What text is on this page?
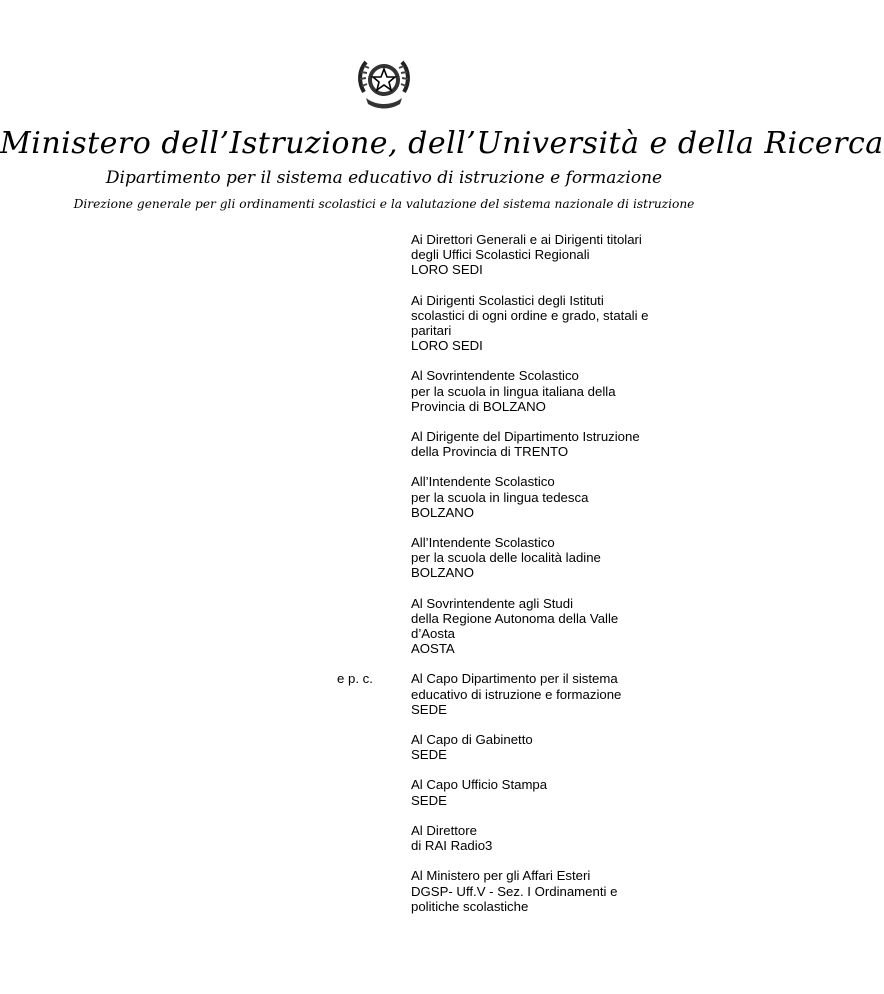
Ministero dell’Istruzione, dell’Università e della Ricerca
Dipartimento per il sistema educativo di istruzione e formazione
Direzione generale per gli ordinamenti scolastici e la valutazione del sistema nazionale di istruzione
Ai Direttori Generali e ai Dirigenti titolari
degli Uffici Scolastici Regionali
LORO SEDI
Ai Dirigenti Scolastici degli Istituti
scolastici di ogni ordine e grado, statali e
paritari
LORO SEDI
Al Sovrintendente Scolastico
per la scuola in lingua italiana della
Provincia di BOLZANO
Al Dirigente del Dipartimento Istruzione
della Provincia di TRENTO
All’Intendente Scolastico
per la scuola in lingua tedesca
BOLZANO
All’Intendente Scolastico
per la scuola delle località ladine
BOLZANO
Al Sovrintendente agli Studi
della Regione Autonoma della Valle
d’Aosta
AOSTA
e p. c.	Al Capo Dipartimento per il sistema
educativo di istruzione e formazione
SEDE
Al Capo di Gabinetto
SEDE
Al Capo Ufficio Stampa
SEDE
Al Direttore
di RAI Radio3
Al Ministero per gli Affari Esteri
DGSP- Uff.V - Sez. I Ordinamenti e
politiche scolastiche
